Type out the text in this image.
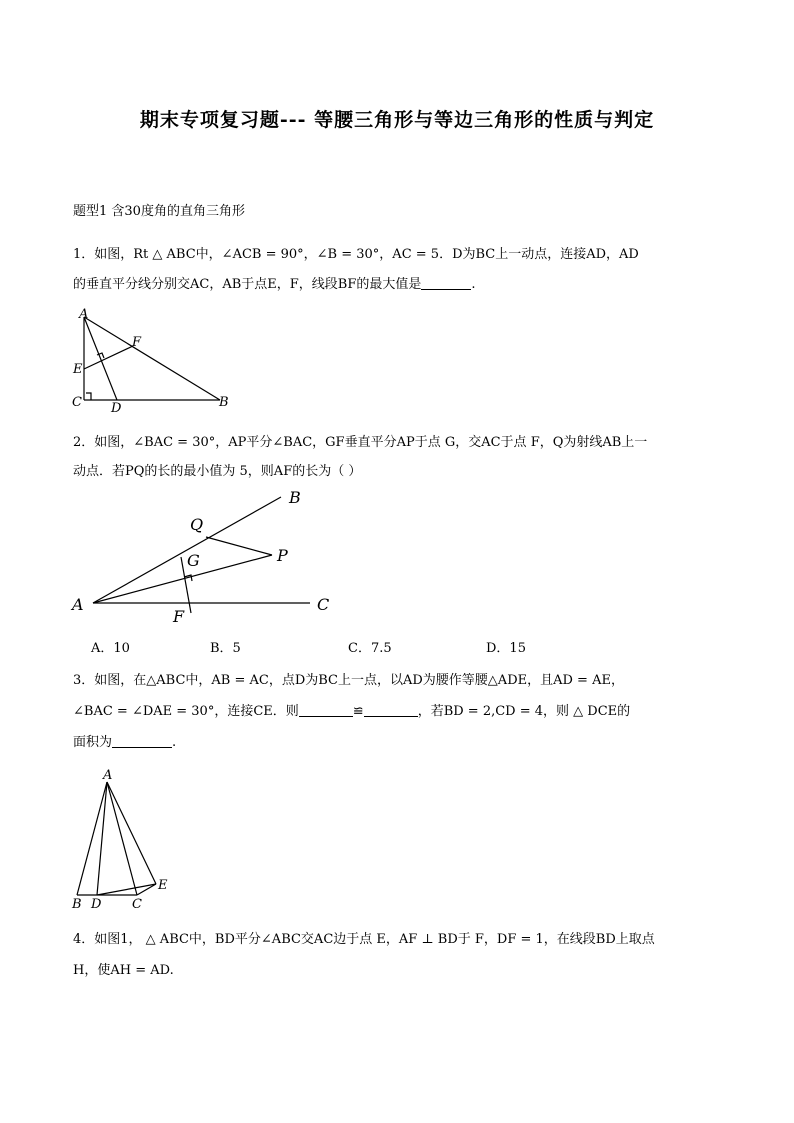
期末专项复习题--- 等腰三角形与等边三角形的性质与判定
题型1 含30度角的直角三角形
1．如图，Rt △ ABC中，∠ACB = 90°，∠B = 30°，AC = 5．D为BC上一动点，连接AD，AD
的垂直平分线分别交AC，AB于点E，F，线段BF的最大值是	.
A
F
E
C D	B
2．如图，∠BAC = 30°，AP平分∠BAC，GF垂直平分AP于点 G，交AC于点 F，Q为射线AB上一
动点．若PQ的长的最小值为 5，则AF的长为（ ）
B
Q
G	P
A	C
F
A．10	B．5	C．7.5	D．15
3．如图，在△ABC中，AB = AC，点D为BC上一点，以AD为腰作等腰△ADE，且AD = AE，
∠BAC = ∠DAE = 30°，连接CE．则	≌	，若BD = 2,CD = 4，则 △ DCE的
面积为	.
A
E
B D C
4．如图1， △ ABC中，BD平分∠ABC交AC边于点 E，AF ⊥ BD于 F，DF = 1，在线段BD上取点
H，使AH = AD.
